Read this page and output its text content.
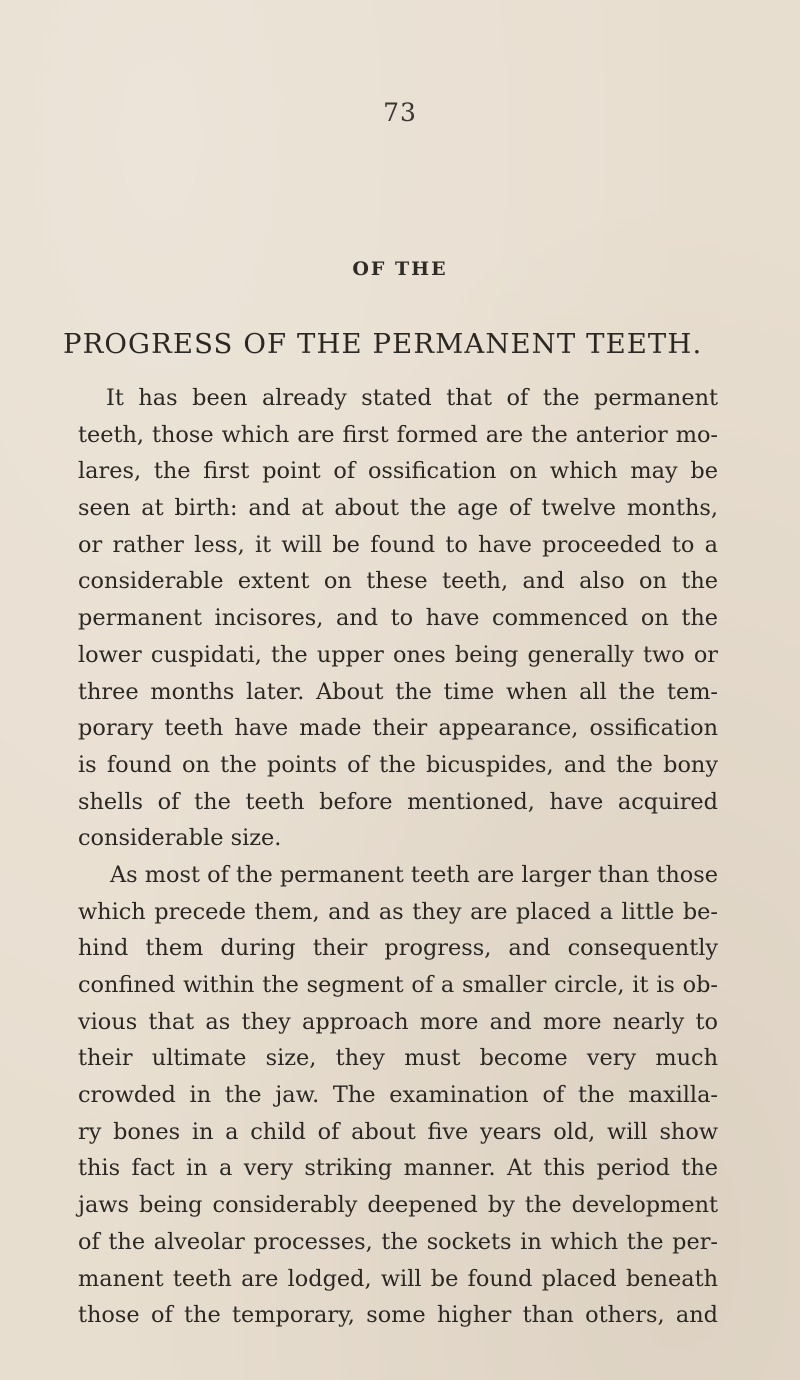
73
OF THE
PROGRESS OF THE PERMANENT TEETH.
It has been already stated that of the permanent
teeth, those which are first formed are the anterior mo-
lares, the first point of ossification on which may be
seen at birth: and at about the age of twelve months,
or rather less, it will be found to have proceeded to a
considerable extent on these teeth, and also on the
permanent incisores, and to have commenced on the
lower cuspidati, the upper ones being generally two or
three months later. About the time when all the tem-
porary teeth have made their appearance, ossification
is found on the points of the bicuspides, and the bony
shells of the teeth before mentioned, have acquired
considerable size.
As most of the permanent teeth are larger than those
which precede them, and as they are placed a little be-
hind them during their progress, and consequently
confined within the segment of a smaller circle, it is ob-
vious that as they approach more and more nearly to
their ultimate size, they must become very much
crowded in the jaw. The examination of the maxilla-
ry bones in a child of about five years old, will show
this fact in a very striking manner. At this period the
jaws being considerably deepened by the development
of the alveolar processes, the sockets in which the per-
manent teeth are lodged, will be found placed beneath
those of the temporary, some higher than others, and
